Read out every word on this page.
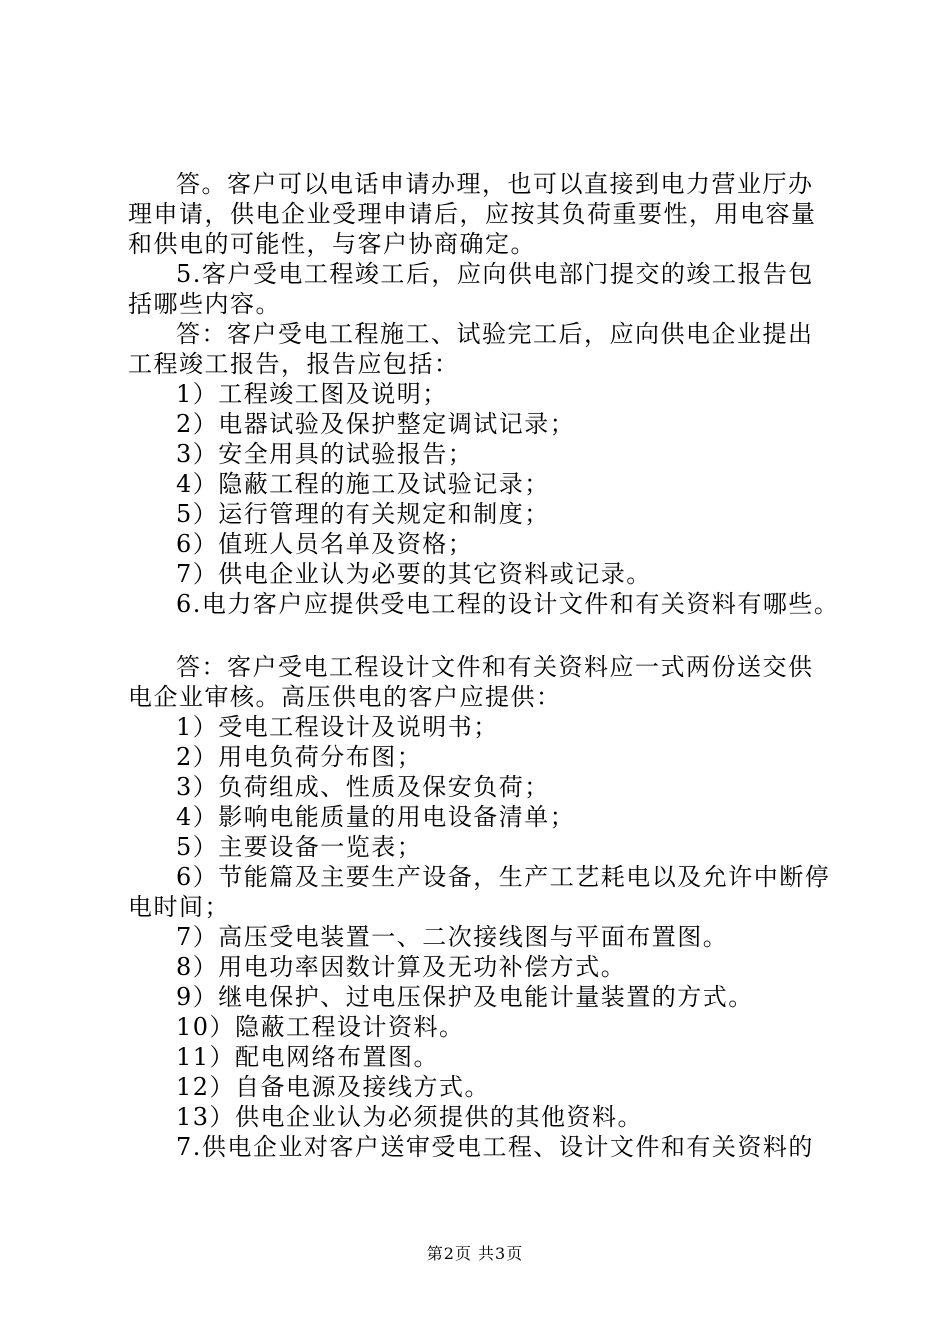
答。客户可以电话申请办理，也可以直接到电力营业厅办
理申请，供电企业受理申请后，应按其负荷重要性，用电容量
和供电的可能性，与客户协商确定。
5.客户受电工程竣工后，应向供电部门提交的竣工报告包
括哪些内容。
答：客户受电工程施工、试验完工后，应向供电企业提出
工程竣工报告，报告应包括：
1）工程竣工图及说明；
2）电器试验及保护整定调试记录；
3）安全用具的试验报告；
4）隐蔽工程的施工及试验记录；
5）运行管理的有关规定和制度；
6）值班人员名单及资格；
7）供电企业认为必要的其它资料或记录。
6.电力客户应提供受电工程的设计文件和有关资料有哪些。
答：客户受电工程设计文件和有关资料应一式两份送交供
电企业审核。高压供电的客户应提供：
1）受电工程设计及说明书；
2）用电负荷分布图；
3）负荷组成、性质及保安负荷；
4）影响电能质量的用电设备清单；
5）主要设备一览表；
6）节能篇及主要生产设备，生产工艺耗电以及允许中断停
电时间；
7）高压受电装置一、二次接线图与平面布置图。
8）用电功率因数计算及无功补偿方式。
9）继电保护、过电压保护及电能计量装置的方式。
10）隐蔽工程设计资料。
11）配电网络布置图。
12）自备电源及接线方式。
13）供电企业认为必须提供的其他资料。
7.供电企业对客户送审受电工程、设计文件和有关资料的
第2页 共3页
